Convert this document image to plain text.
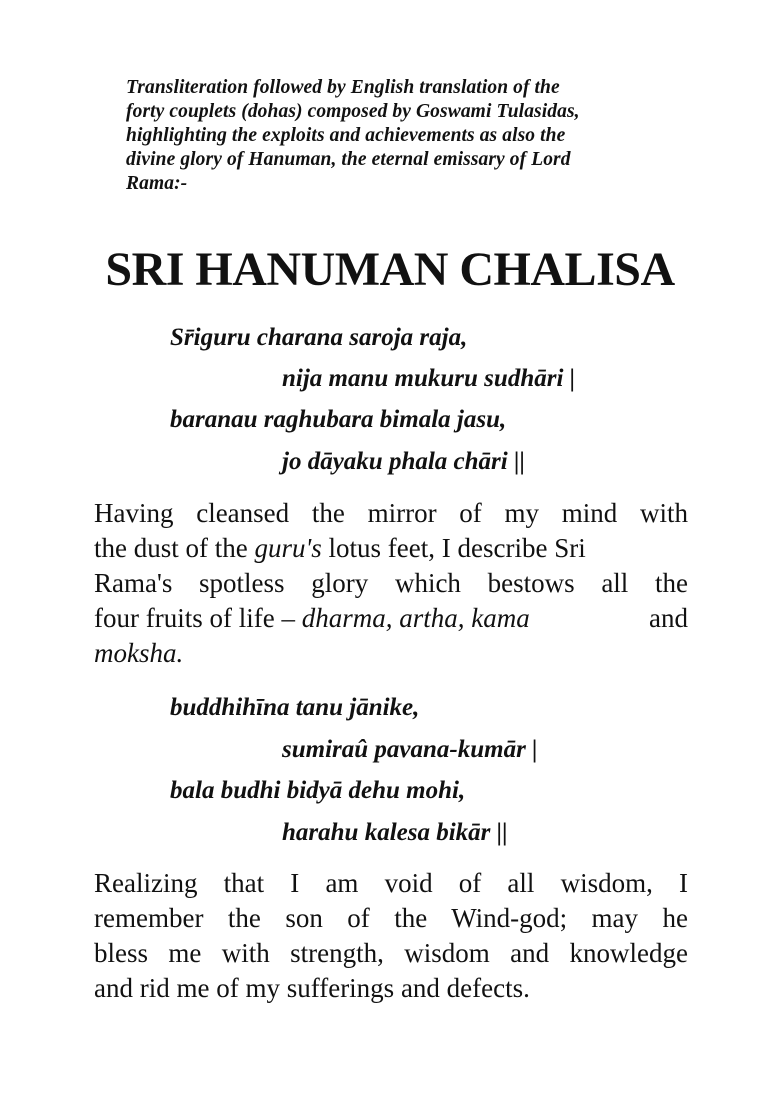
Transliteration followed by English translation of the
forty couplets (dohas) composed by Goswami Tulasidas,
highlighting the exploits and achievements as also the
divine glory of Hanuman, the eternal emissary of Lord
Rama:-
SRI HANUMAN CHALISA
Sr̄iguru charana saroja raja,
nija manu mukuru sudhāri |
baranau raghubara bimala jasu,
jo dāyaku phala chāri ||
Having cleansed the mirror of my mind with
the dust of the guru's lotus feet, I describe Sri
Rama's spotless glory which bestows all the
four fruits of life – dharma, artha, kama	and
moksha.
buddhihīna tanu jānike,
sumiraû pavana-kumār |
bala budhi bidyā dehu mohi,
harahu kalesa bikār ||
Realizing that I am void of all wisdom, I
remember the son of the Wind-god; may he
bless me with strength, wisdom and knowledge
and rid me of my sufferings and defects.
